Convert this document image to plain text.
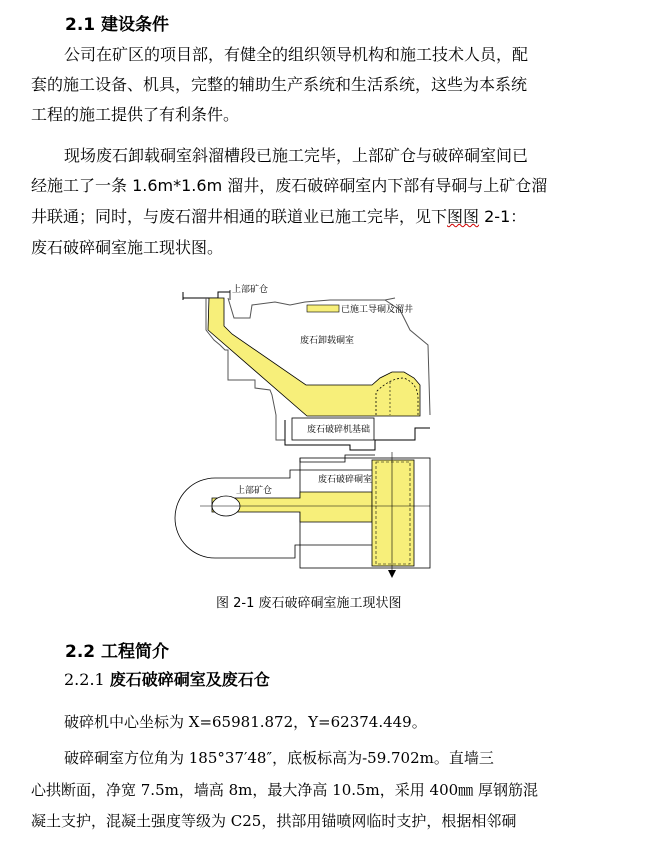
2.1 建设条件
公司在矿区的项目部，有健全的组织领导机构和施工技术人员，配
套的施工设备、机具，完整的辅助生产系统和生活系统，这些为本系统
工程的施工提供了有利条件。
现场废石卸载硐室斜溜槽段已施工完毕，上部矿仓与破碎硐室间已
经施工了一条 1.6m*1.6m 溜井，废石破碎硐室内下部有导硐与上矿仓溜
井联通；同时，与废石溜井相通的联道业已施工完毕，见下图图 2-1：
废石破碎硐室施工现状图。
上部矿仓
已施工导硐及溜井
废石卸载硐室
废石破碎机基础
废石破碎硐室
上部矿仓
图 2-1 废石破碎硐室施工现状图
2.2 工程简介
2.2.1 废石破碎硐室及废石仓
破碎机中心坐标为 X=65981.872，Y=62374.449。
破碎硐室方位角为 185°37′48″，底板标高为-59.702m。直墙三
心拱断面，净宽 7.5m，墙高 8m，最大净高 10.5m，采用 400㎜ 厚钢筋混
凝土支护，混凝土强度等级为 C25，拱部用锚喷网临时支护，根据相邻硐
